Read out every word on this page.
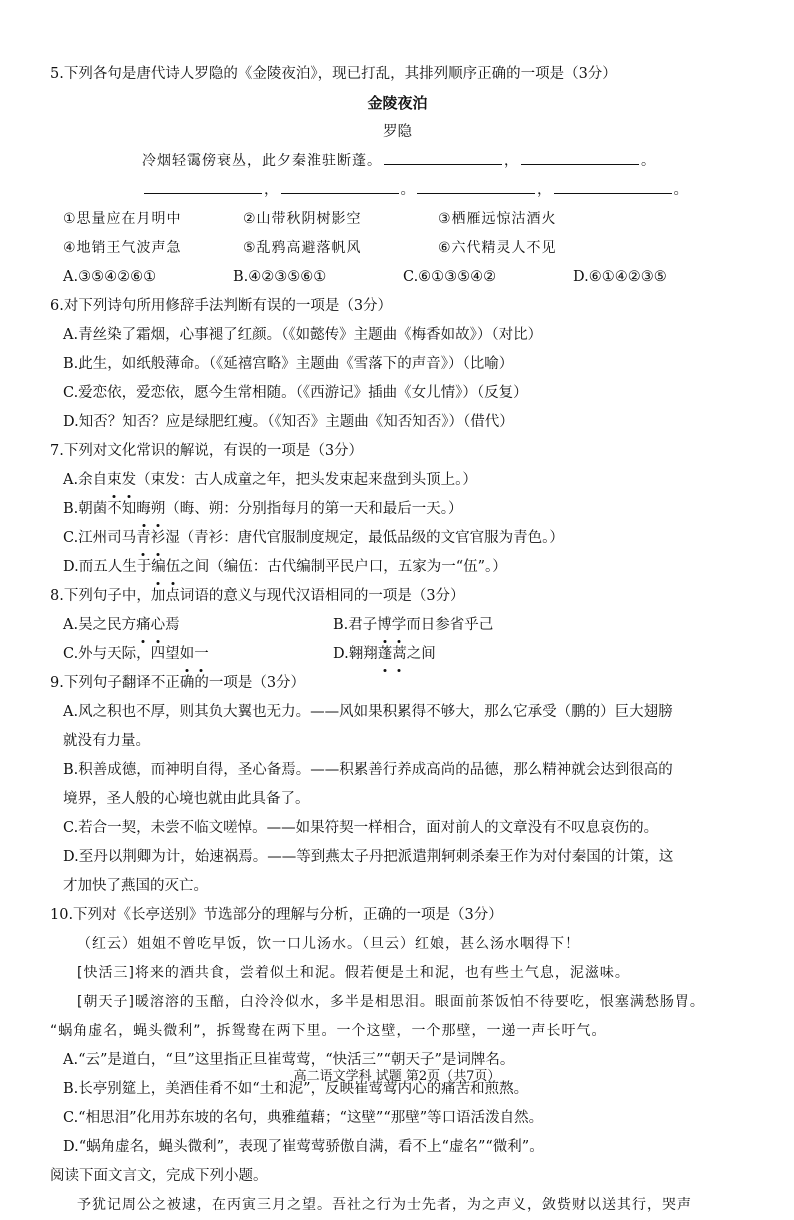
5.下列各句是唐代诗人罗隐的《金陵夜泊》，现已打乱，其排列顺序正确的一项是（3分）
金陵夜泊
罗隐
冷烟轻霭傍衰丛，此夕秦淮驻断蓬。	，	。
，	。	，	。
①思量应在月明中	②山带秋阴树影空	③栖雁远惊沽酒火
④地销王气波声急	⑤乱鸦高避落帆风	⑥六代精灵人不见
A.③⑤④②⑥①	B.④②③⑤⑥①	C.⑥①③⑤④②	D.⑥①④②③⑤
6.对下列诗句所用修辞手法判断有误的一项是（3分）
A.青丝染了霜烟，心事褪了红颜。（《如懿传》主题曲《梅香如故》）（对比）
B.此生，如纸般薄命。（《延禧宫略》主题曲《雪落下的声音》）（比喻）
C.爱恋依，爱恋依，愿今生常相随。（《西游记》插曲《女儿情》）（反复）
D.知否？知否？应是绿肥红瘦。（《知否》主题曲《知否知否》）（借代）
7.下列对文化常识的解说，有误的一项是（3分）
A.余自束发（束发：古人成童之年，把头发束起来盘到头顶上。）
B.朝菌不知晦朔（晦、朔：分别指每月的第一天和最后一天。）
C.江州司马青衫湿（青衫：唐代官服制度规定，最低品级的文官官服为青色。）
D.而五人生于编伍之间（编伍：古代编制平民户口，五家为一“伍”。）
8.下列句子中，加点词语的意义与现代汉语相同的一项是（3分）
A.吴之民方痛心焉	B.君子博学而日参省乎己
C.外与天际，四望如一	D.翱翔蓬蒿之间
9.下列句子翻译不正确的一项是（3分）
A.风之积也不厚，则其负大翼也无力。——风如果积累得不够大，那么它承受（鹏的）巨大翅膀
就没有力量。
B.积善成德，而神明自得，圣心备焉。——积累善行养成高尚的品德，那么精神就会达到很高的
境界，圣人般的心境也就由此具备了。
C.若合一契，未尝不临文嗟悼。——如果符契一样相合，面对前人的文章没有不叹息哀伤的。
D.至丹以荆卿为计，始速祸焉。——等到燕太子丹把派遣荆轲刺杀秦王作为对付秦国的计策，这
才加快了燕国的灭亡。
10.下列对《长亭送别》节选部分的理解与分析，正确的一项是（3分）
（红云）姐姐不曾吃早饭，饮一口儿汤水。（旦云）红娘，甚么汤水咽得下！
[快活三]将来的酒共食，尝着似土和泥。假若便是土和泥，也有些土气息，泥滋味。
[朝天子]暖溶溶的玉醅，白泠泠似水，多半是相思泪。眼面前茶饭怕不待要吃，恨塞满愁肠胃。
“蜗角虚名，蝇头微利”，拆鸳鸯在两下里。一个这壁，一个那壁，一递一声长吁气。
A.“云”是道白，“旦”这里指正旦崔莺莺，“快活三”“朝天子”是词牌名。
B.长亭别筵上，美酒佳肴不如“土和泥”，反映崔莺莺内心的痛苦和煎熬。
C.“相思泪”化用苏东坡的名句，典雅蕴藉；“这壁”“那壁”等口语活泼自然。
D.“蜗角虚名，蝇头微利”，表现了崔莺莺骄傲自满，看不上“虚名”“微利”。
阅读下面文言文，完成下列小题。
予犹记周公之被逮，在丙寅三月之望。吾社之行为士先者，为之声义，敛赀财以送其行，哭声
高二语文学科 试题 第2页（共7页）
